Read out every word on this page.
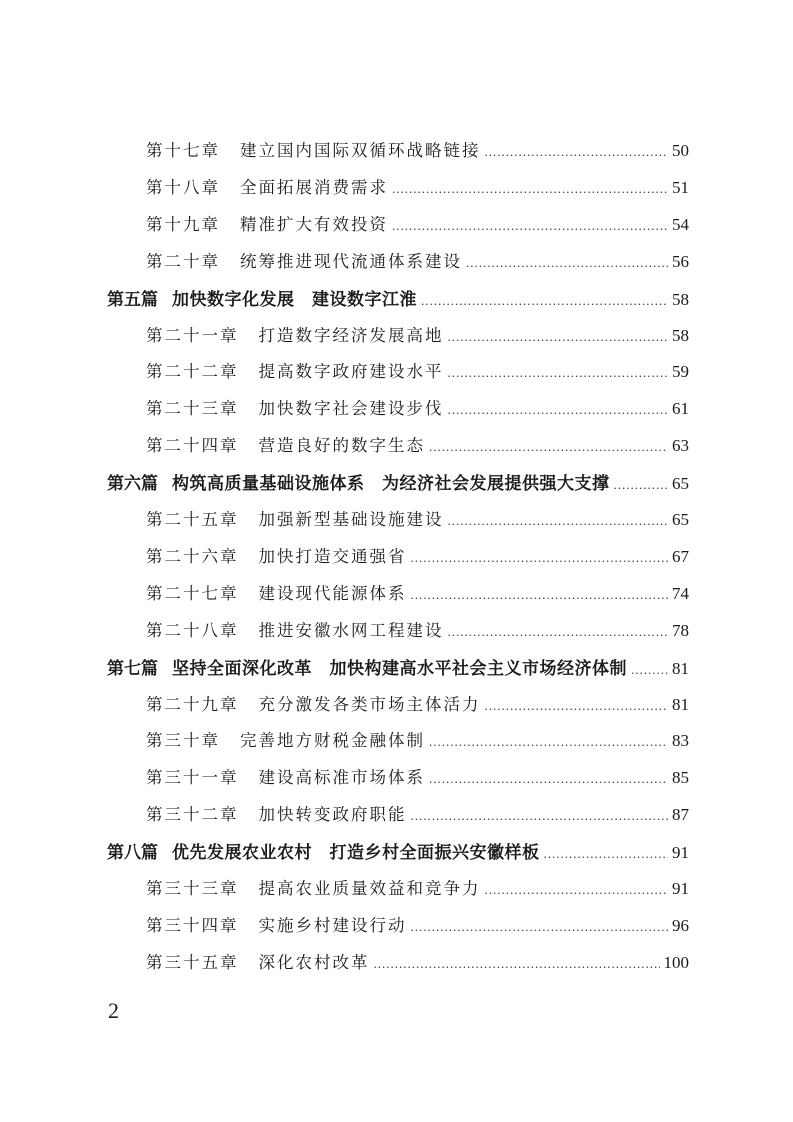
第十七章 建立国内国际双循环战略链接 .....	50
第十八章 全面拓展消费需求 .....	51
第十九章 精准扩大有效投资 .....	54
第二十章 统筹推进现代流通体系建设 .....	56
第五篇 加快数字化发展　建设数字江淮 .....	58
第二十一章 打造数字经济发展高地 .....	58
第二十二章 提高数字政府建设水平 .....	59
第二十三章 加快数字社会建设步伐 .....	61
第二十四章 营造良好的数字生态 .....	63
第六篇 构筑高质量基础设施体系　为经济社会发展提供强大支撑 .....	65
第二十五章 加强新型基础设施建设 .....	65
第二十六章 加快打造交通强省 .....	67
第二十七章 建设现代能源体系 .....	74
第二十八章 推进安徽水网工程建设 .....	78
第七篇 坚持全面深化改革　加快构建高水平社会主义市场经济体制 .....	81
第二十九章 充分激发各类市场主体活力 .....	81
第三十章 完善地方财税金融体制 .....	83
第三十一章 建设高标准市场体系 .....	85
第三十二章 加快转变政府职能 .....	87
第八篇 优先发展农业农村　打造乡村全面振兴安徽样板 .....	91
第三十三章 提高农业质量效益和竞争力 .....	91
第三十四章 实施乡村建设行动 .....	96
第三十五章 深化农村改革 .....	100
2
